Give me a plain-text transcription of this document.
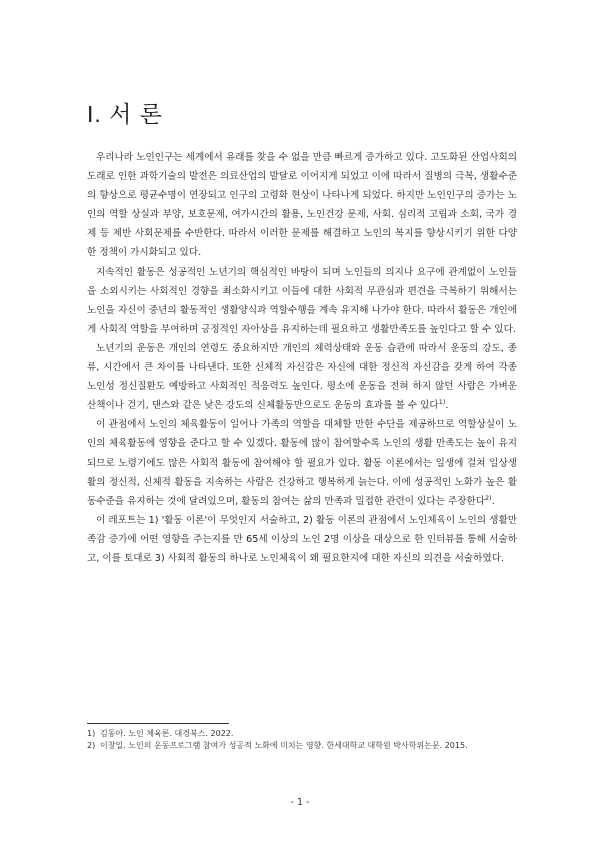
I. 서 론

우리나라 노인인구는 세계에서 유래를 찾을 수 없을 만큼 빠르게 증가하고 있다. 고도화된 산업사회의 도래로 인한 과학기술의 발전은 의료산업의 발달로 이어지게 되었고 이에 따라서 질병의 극복, 생활수준의 향상으로 평균수명이 연장되고 인구의 고령화 현상이 나타나게 되었다. 하지만 노인인구의 증가는 노인의 역할 상실과 부양, 보호문제, 여가시간의 활용, 노인건강 문제, 사회. 심리적 고립과 소회, 국가 경제 등 제반 사회문제를 수반한다. 따라서 이러한 문제를 해결하고 노인의 복지를 향상시키기 위한 다양한 정책이 가시화되고 있다.

지속적인 활동은 성공적인 노년기의 핵심적인 바탕이 되며 노인들의 의지나 요구에 관계없이 노인들을 소외시키는 사회적인 경향을 최소화시키고 이들에 대한 사회적 무관심과 편견을 극복하기 위해서는 노인을 자신이 중년의 활동적인 생활양식과 역할수행을 계속 유지해 나가야 한다. 따라서 활동은 개인에게 사회적 역할을 부여하며 긍정적인 자아상을 유지하는데 필요하고 생활만족도를 높인다고 할 수 있다.

노년기의 운동은 개인의 연령도 중요하지만 개인의 체력상태와 운동 습관에 따라서 운동의 강도, 종류, 시간에서 큰 차이를 나타낸다. 또한 신체적 자신감은 자신에 대한 정신적 자신감을 갖게 하여 각종 노인성 정신질환도 예방하고 사회적인 적응력도 높인다. 평소에 운동을 전혀 하지 않던 사람은 가벼운 산책이나 걷기, 댄스와 같은 낮은 강도의 신체활동만으로도 운동의 효과를 볼 수 있다$^{1)}$.

이 관점에서 노인의 체육활동이 일어나 가족의 역할을 대체할 만한 수단을 제공하므로 역할상실이 노인의 체육활동에 영향을 준다고 할 수 있겠다. 활동에 많이 참여할수록 노인의 생활 만족도는 높이 유지되므로 노령기에도 많은 사회적 활동에 참여해야 할 필요가 있다. 활동 이론에서는 일생에 걸쳐 일상생활의 정신적, 신체적 활동을 지속하는 사람은 건강하고 행복하게 늙는다. 이에 성공적인 노화가 높은 활동수준을 유지하는 것에 달려있으며, 활동의 참여는 삶의 만족과 밀접한 관련이 있다는 주장한다$^{2)}$.

이 레포트는 1) '활동 이론'이 무엇인지 서술하고, 2) 활동 이론의 관점에서 노인체육이 노인의 생활만족감 증가에 어떤 영향을 주는지를 만 65세 이상의 노인 2명 이상을 대상으로 한 인터뷰를 통해 서술하고, 이를 토대로 3) 사회적 활동의 하나로 노인체육이 왜 필요한지에 대한 자신의 의견을 서술하였다.

1) 김동아. 노인 체육론. 대경북스. 2022.
2) 이창일. 노인의 운동프로그램 참여가 성공적 노화에 미치는 영향. 한세대학교 대학원 박사학위논문. 2015.
- 1 -
